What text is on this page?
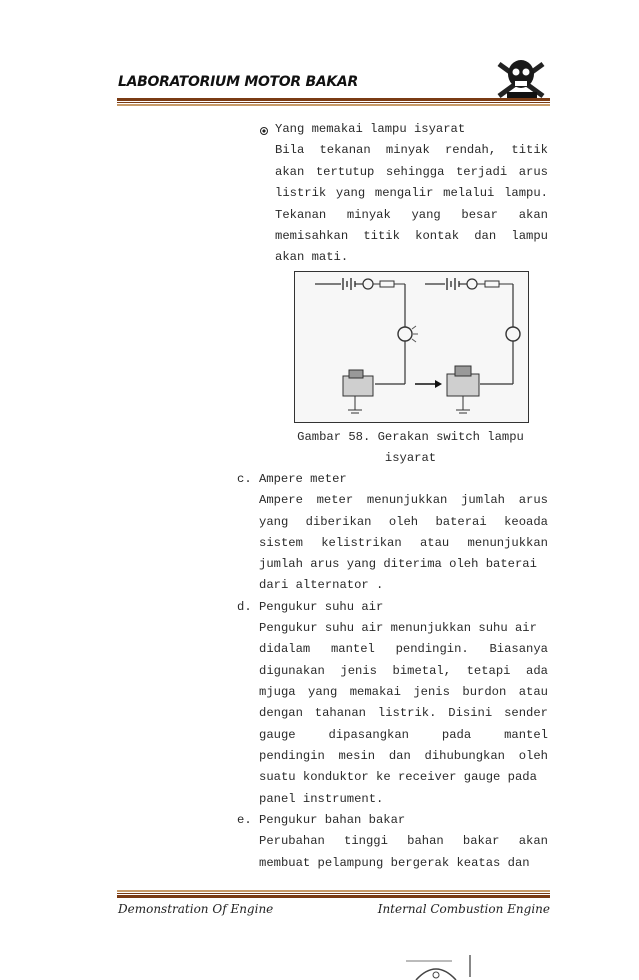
LABORATORIUM MOTOR BAKAR
Yang memakai lampu isyarat
Bila tekanan minyak rendah, titik
akan tertutup sehingga terjadi arus
listrik yang mengalir melalui lampu.
Tekanan minyak yang besar akan
memisahkan titik kontak dan lampu
akan mati.
Gambar 58. Gerakan switch lampu
isyarat
c. Ampere meter
Ampere meter menunjukkan jumlah arus
yang diberikan oleh baterai keoada
sistem kelistrikan atau menunjukkan
jumlah arus yang diterima oleh baterai
dari alternator .
d. Pengukur suhu air
Pengukur suhu air menunjukkan suhu air
didalam mantel pendingin. Biasanya
digunakan jenis bimetal, tetapi ada
mjuga yang memakai jenis burdon atau
dengan tahanan listrik. Disini sender
gauge	dipasangkan	pada	mantel
pendingin mesin dan dihubungkan oleh
suatu konduktor ke receiver gauge pada
panel instrument.
e. Pengukur bahan bakar
Perubahan tinggi bahan bakar akan
membuat pelampung bergerak keatas dan
Demonstration Of Engine	Internal Combustion Engine
